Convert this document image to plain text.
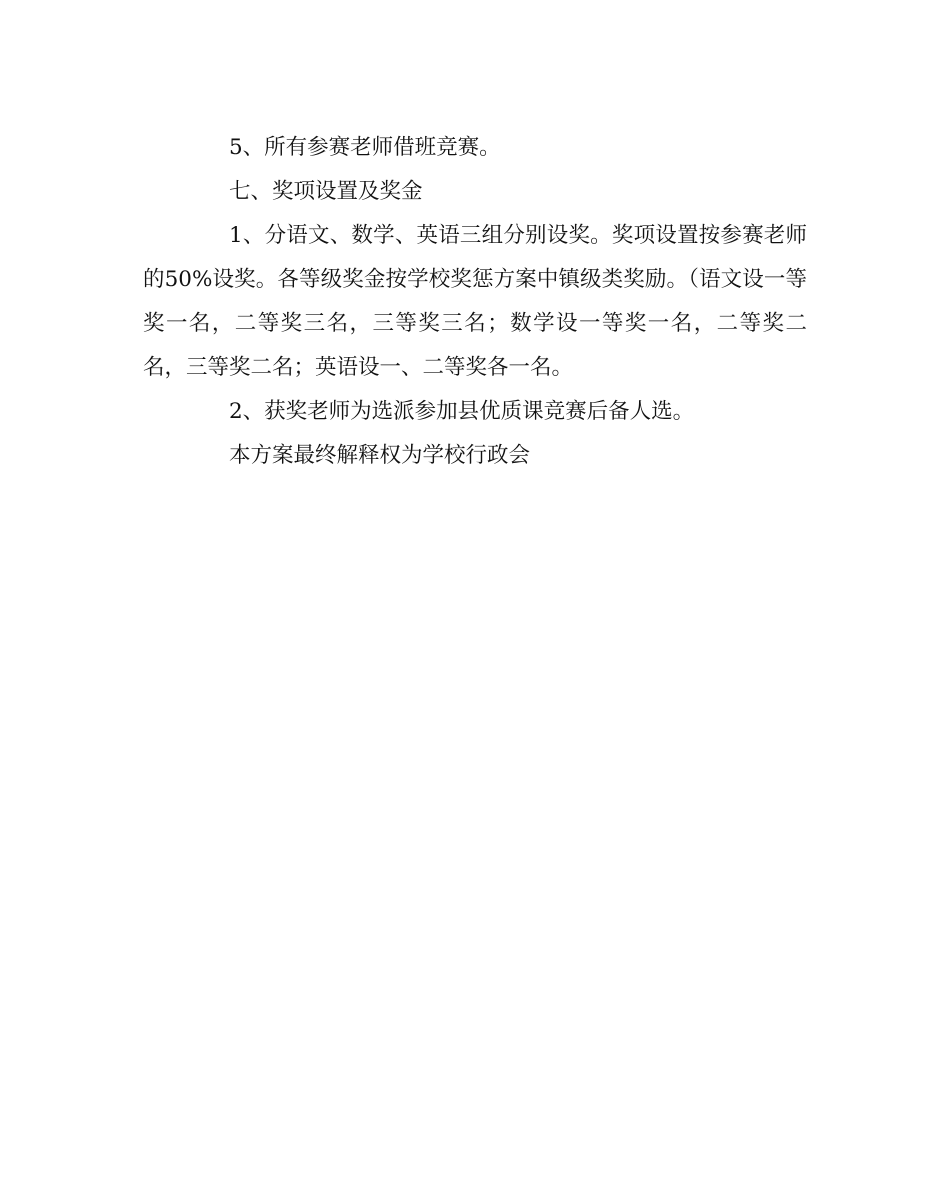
5、所有参赛老师借班竞赛。

七、奖项设置及奖金

1、分语文、数学、英语三组分别设奖。奖项设置按参赛老师的50%设奖。各等级奖金按学校奖惩方案中镇级类奖励。（语文设一等奖一名，二等奖三名，三等奖三名；数学设一等奖一名，二等奖二名，三等奖二名；英语设一、二等奖各一名。

2、获奖老师为选派参加县优质课竞赛后备人选。

本方案最终解释权为学校行政会
